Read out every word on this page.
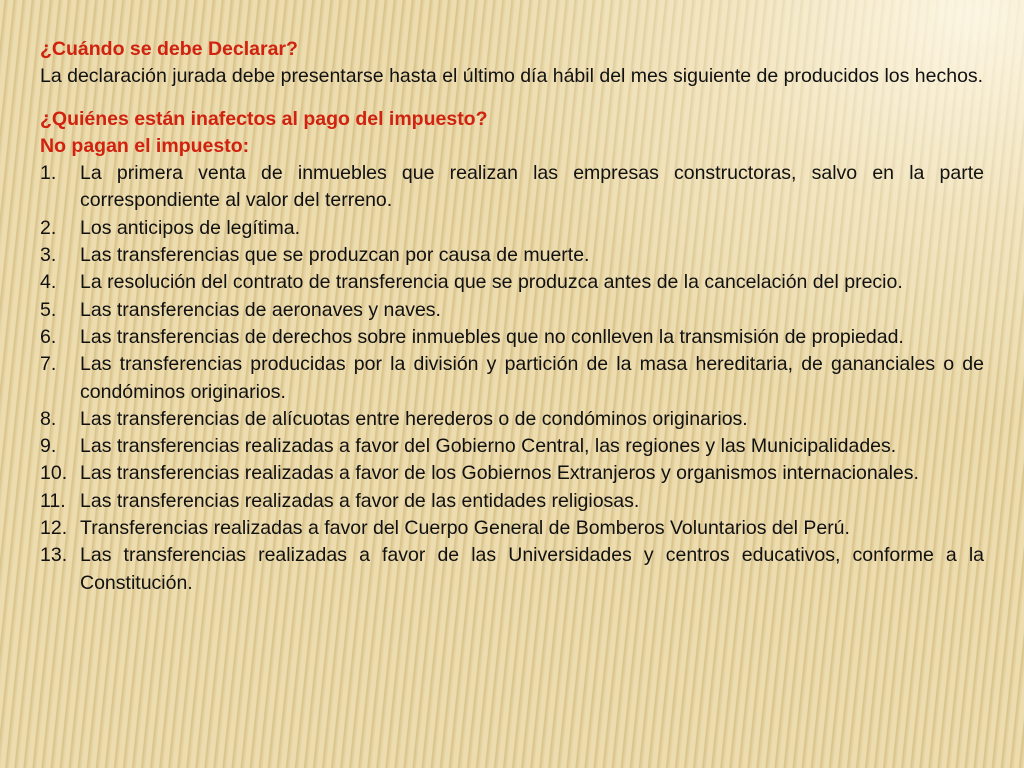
¿Cuándo se debe Declarar?

La declaración jurada debe presentarse hasta el último día hábil del mes siguiente de producidos los hechos.

¿Quiénes están inafectos al pago del impuesto?

No pagan el impuesto:

1.	La primera venta de inmuebles que realizan las empresas constructoras, salvo en la parte correspondiente al valor del terreno.
2.	Los anticipos de legítima.
3.	Las transferencias que se produzcan por causa de muerte.
4.	La resolución del contrato de transferencia que se produzca antes de la cancelación del precio.
5.	Las transferencias de aeronaves y naves.
6.	Las transferencias de derechos sobre inmuebles que no conlleven la transmisión de propiedad.
7.	Las transferencias producidas por la división y partición de la masa hereditaria, de gananciales o de condóminos originarios.
8.	Las transferencias de alícuotas entre herederos o de condóminos originarios.
9.	Las transferencias realizadas a favor del Gobierno Central, las regiones y las Municipalidades.
10. Las transferencias realizadas a favor de los Gobiernos Extranjeros y organismos internacionales.
11. Las transferencias realizadas a favor de las entidades religiosas.
12. Transferencias realizadas a favor del Cuerpo General de Bomberos Voluntarios del Perú.
13. Las transferencias realizadas a favor de las Universidades y centros educativos, conforme a la Constitución.
